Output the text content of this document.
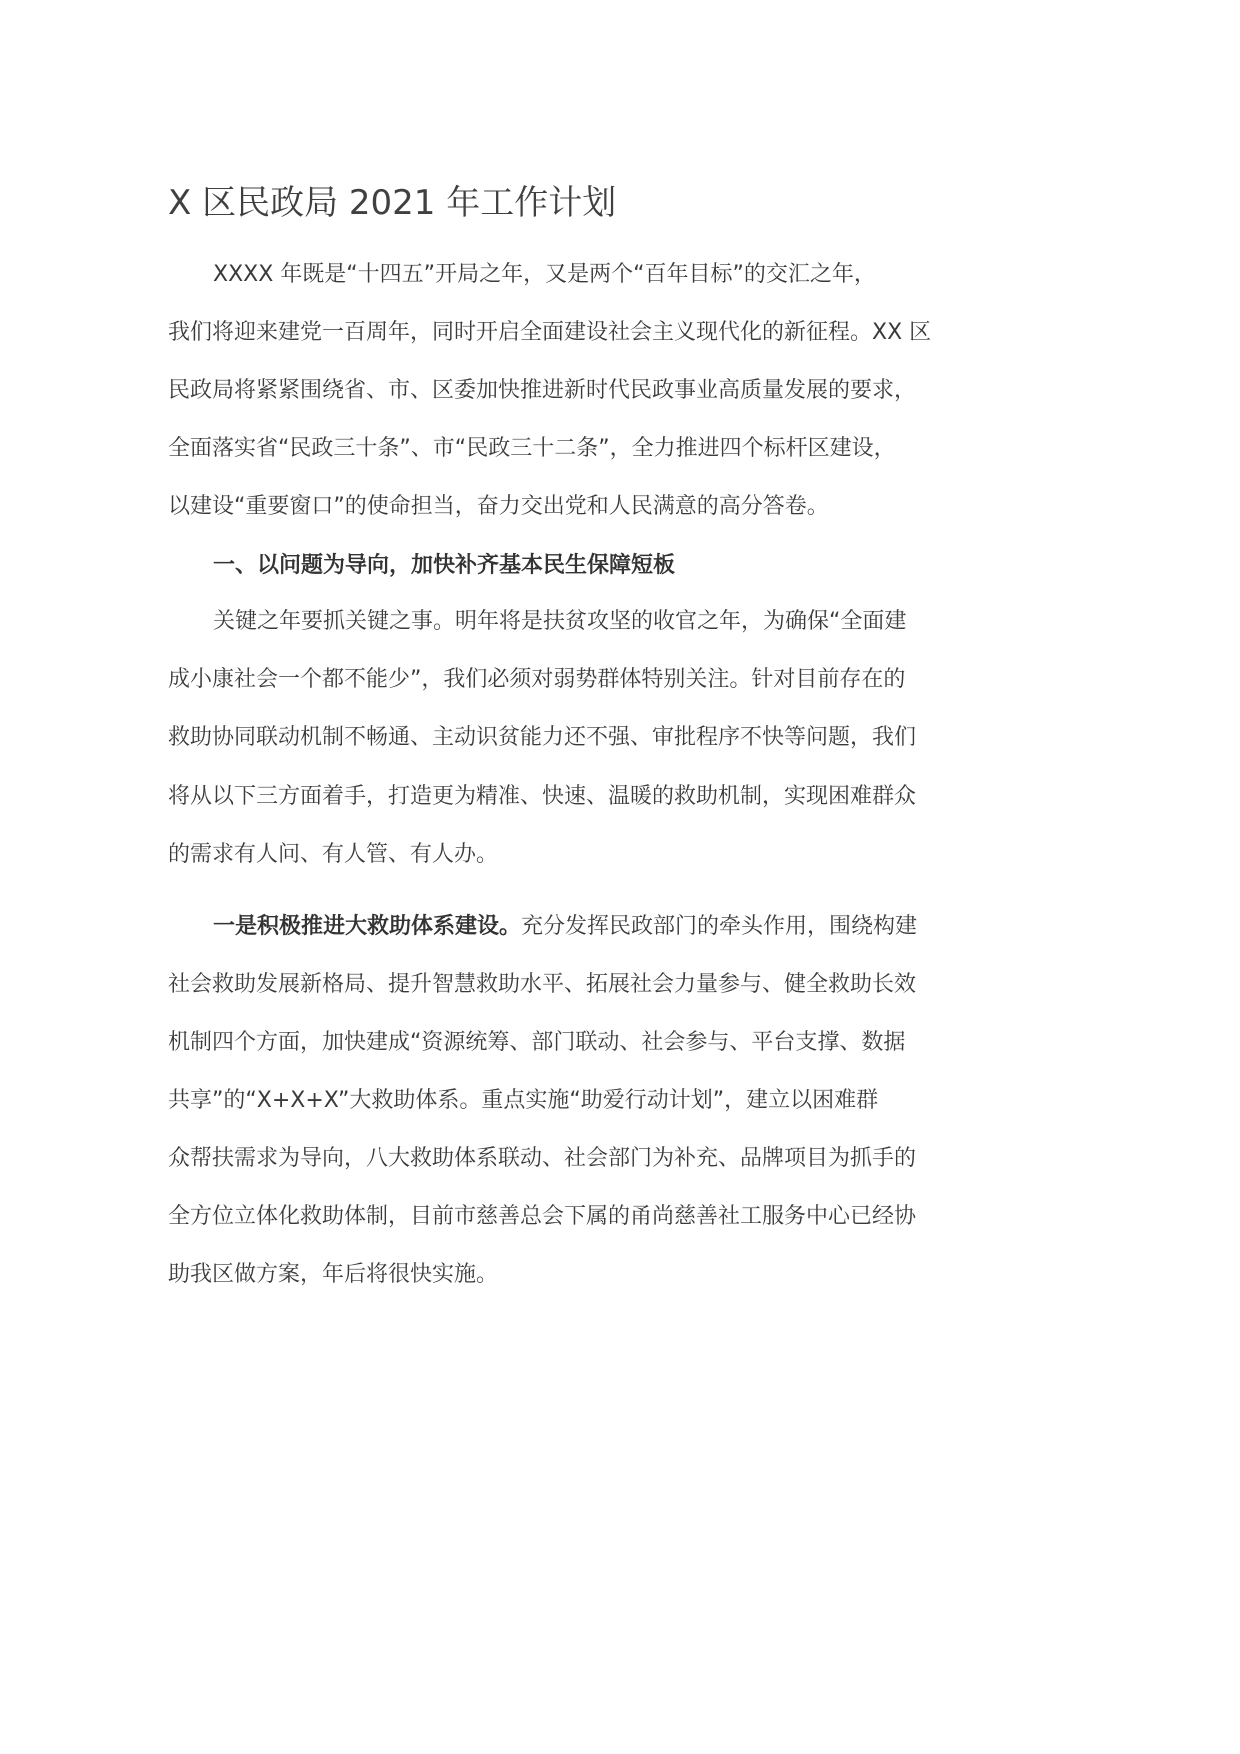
X 区民政局 2021 年工作计划
XXXX 年既是“十四五”开局之年，又是两个“百年目标”的交汇之年，
我们将迎来建党一百周年，同时开启全面建设社会主义现代化的新征程。XX 区
民政局将紧紧围绕省、市、区委加快推进新时代民政事业高质量发展的要求，
全面落实省“民政三十条”、市“民政三十二条”，全力推进四个标杆区建设，
以建设“重要窗口”的使命担当，奋力交出党和人民满意的高分答卷。
一、以问题为导向，加快补齐基本民生保障短板
关键之年要抓关键之事。明年将是扶贫攻坚的收官之年，为确保“全面建
成小康社会一个都不能少”，我们必须对弱势群体特别关注。针对目前存在的
救助协同联动机制不畅通、主动识贫能力还不强、审批程序不快等问题，我们
将从以下三方面着手，打造更为精准、快速、温暖的救助机制，实现困难群众
的需求有人问、有人管、有人办。
一是积极推进大救助体系建设。充分发挥民政部门的牵头作用，围绕构建
社会救助发展新格局、提升智慧救助水平、拓展社会力量参与、健全救助长效
机制四个方面，加快建成“资源统筹、部门联动、社会参与、平台支撑、数据
共享”的“X+X+X”大救助体系。重点实施“助爱行动计划”，建立以困难群
众帮扶需求为导向，八大救助体系联动、社会部门为补充、品牌项目为抓手的
全方位立体化救助体制，目前市慈善总会下属的甬尚慈善社工服务中心已经协
助我区做方案，年后将很快实施。
